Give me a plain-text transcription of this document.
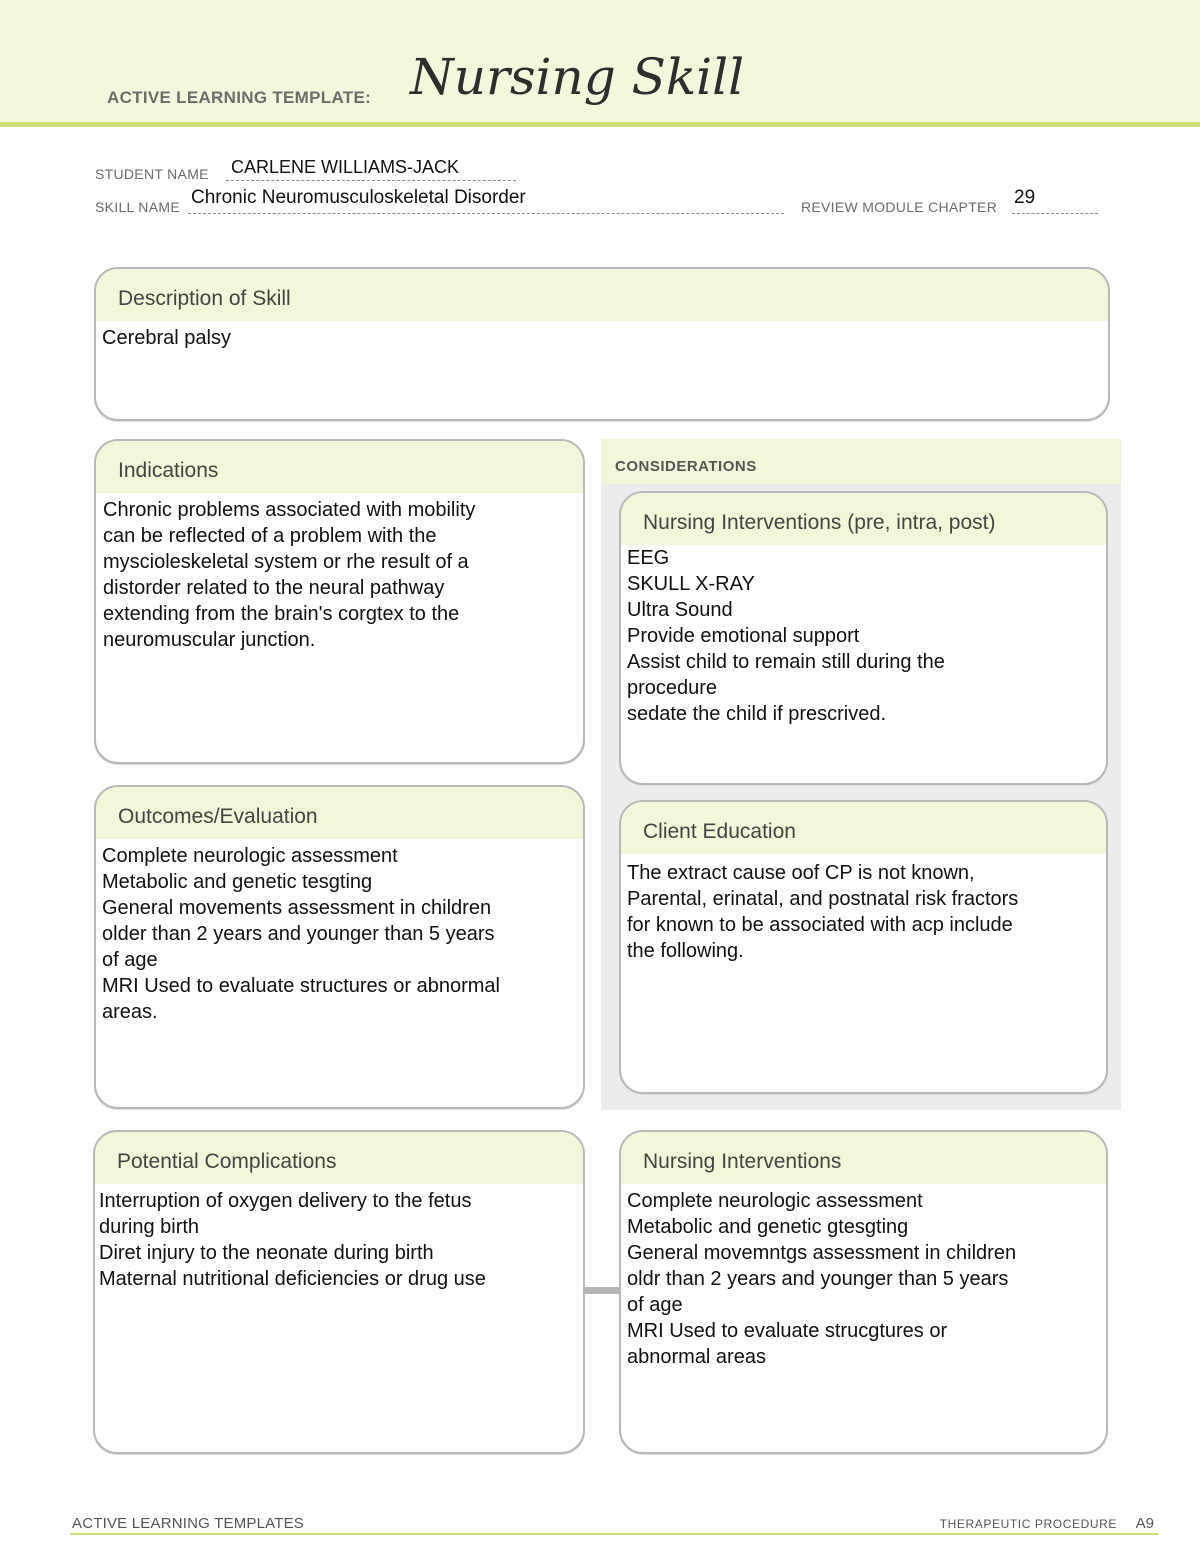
ACTIVE LEARNING TEMPLATE: Nursing Skill
STUDENT NAME CARLENE WILLIAMS-JACK
SKILL NAME Chronic Neuromusculoskeletal Disorder	REVIEW MODULE CHAPTER 29
Description of Skill
Cerebral palsy
Indications
Chronic problems associated with mobility
can be reflected of a problem with the
myscioleskeletal system or rhe result of a
distorder related to the neural pathway
extending from the brain's corgtex to the
neuromuscular junction.
Outcomes/Evaluation
Complete neurologic assessment
Metabolic and genetic tesgting
General movements assessment in children
older than 2 years and younger than 5 years
of age
MRI Used to evaluate structures or abnormal
areas.
CONSIDERATIONS
Nursing Interventions (pre, intra, post)
EEG
SKULL X-RAY
Ultra Sound
Provide emotional support
Assist child to remain still during the
procedure
sedate the child if prescrived.
Client Education
The extract cause oof CP is not known,
Parental, erinatal, and postnatal risk fractors
for known to be associated with acp include
the following.
Potential Complications
Interruption of oxygen delivery to the fetus
during birth
Diret injury to the neonate during birth
Maternal nutritional deficiencies or drug use
Nursing Interventions
Complete neurologic assessment
Metabolic and genetic gtesgting
General movemntgs assessment in children
oldr than 2 years and younger than 5 years
of age
MRI Used to evaluate strucgtures or
abnormal areas
ACTIVE LEARNING TEMPLATES	THERAPEUTIC PROCEDURE A9
